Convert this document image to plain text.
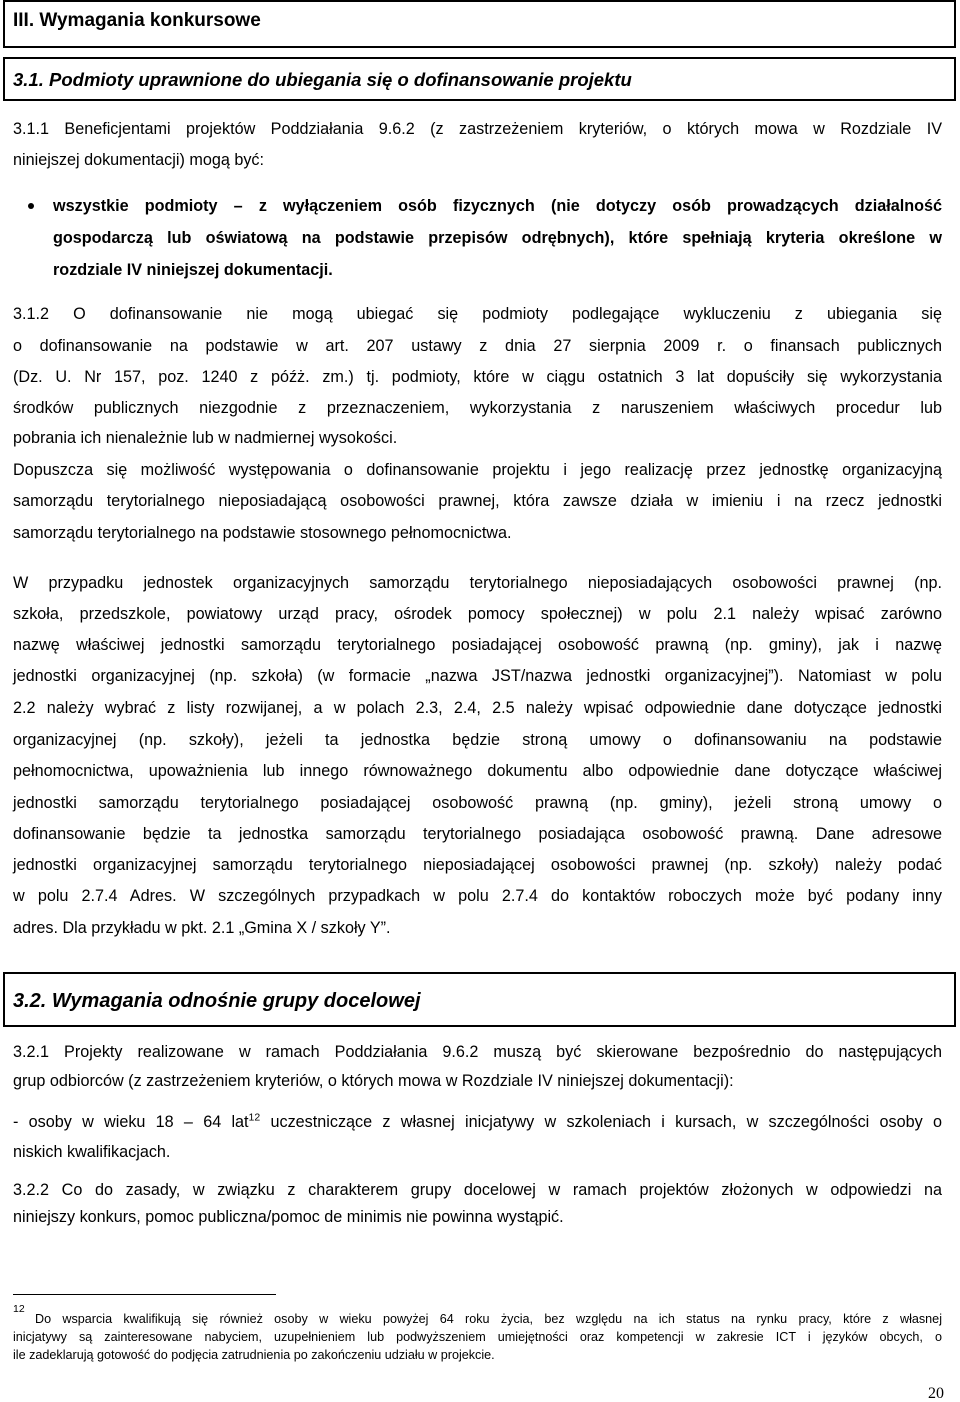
III. Wymagania konkursowe
3.1. Podmioty uprawnione do ubiegania się o dofinansowanie projektu
3.1.1 Beneficjentami projektów Poddziałania 9.6.2 (z zastrzeżeniem kryteriów, o których mowa w Rozdziale IV
niniejszej dokumentacji) mogą być:
wszystkie podmioty – z wyłączeniem osób fizycznych (nie dotyczy osób prowadzących działalność
gospodarczą lub oświatową na podstawie przepisów odrębnych), które spełniają kryteria określone w
rozdziale IV niniejszej dokumentacji.
3.1.2 O dofinansowanie nie mogą ubiegać się podmioty podlegające wykluczeniu z ubiegania się
o dofinansowanie na podstawie w art. 207 ustawy z dnia 27 sierpnia 2009 r. o finansach publicznych
(Dz. U. Nr 157, poz. 1240 z późż. zm.) tj. podmioty, które w ciągu ostatnich 3 lat dopuściły się wykorzystania
środków publicznych niezgodnie z przeznaczeniem, wykorzystania z naruszeniem właściwych procedur lub
pobrania ich nienależnie lub w nadmiernej wysokości.
Dopuszcza się możliwość występowania o dofinansowanie projektu i jego realizację przez jednostkę organizacyjną
samorządu terytorialnego nieposiadającą osobowości prawnej, która zawsze działa w imieniu i na rzecz jednostki
samorządu terytorialnego na podstawie stosownego pełnomocnictwa.
W przypadku jednostek organizacyjnych samorządu terytorialnego nieposiadających osobowości prawnej (np.
szkoła, przedszkole, powiatowy urząd pracy, ośrodek pomocy społecznej) w polu 2.1 należy wpisać zarówno
nazwę właściwej jednostki samorządu terytorialnego posiadającej osobowość prawną (np. gminy), jak i nazwę
jednostki organizacyjnej (np. szkoła) (w formacie „nazwa JST/nazwa jednostki organizacyjnej”). Natomiast w polu
2.2 należy wybrać z listy rozwijanej, a w polach 2.3, 2.4, 2.5 należy wpisać odpowiednie dane dotyczące jednostki
organizacyjnej (np. szkoły), jeżeli ta jednostka będzie stroną umowy o dofinansowaniu na podstawie
pełnomocnictwa, upoważnienia lub innego równoważnego dokumentu albo odpowiednie dane dotyczące właściwej
jednostki samorządu terytorialnego posiadającej osobowość prawną (np. gminy), jeżeli stroną umowy o
dofinansowanie będzie ta jednostka samorządu terytorialnego posiadająca osobowość prawną. Dane adresowe
jednostki organizacyjnej samorządu terytorialnego nieposiadającej osobowości prawnej (np. szkoły) należy podać
w polu 2.7.4 Adres. W szczególnych przypadkach w polu 2.7.4 do kontaktów roboczych może być podany inny
adres. Dla przykładu w pkt. 2.1 „Gmina X / szkoły Y”.
3.2. Wymagania odnośnie grupy docelowej
3.2.1 Projekty realizowane w ramach Poddziałania 9.6.2 muszą być skierowane bezpośrednio do następujących
grup odbiorców (z zastrzeżeniem kryteriów, o których mowa w Rozdziale IV niniejszej dokumentacji):
- osoby w wieku 18 – 64 lat$^{12}$ uczestniczące z własnej inicjatywy w szkoleniach i kursach, w szczególności osoby o
niskich kwalifikacjach.
3.2.2 Co do zasady, w związku z charakterem grupy docelowej w ramach projektów złożonych w odpowiedzi na
niniejszy konkurs, pomoc publiczna/pomoc de minimis nie powinna wystąpić.
12
Do wsparcia kwalifikują się również osoby w wieku powyżej 64 roku życia, bez względu na ich status na rynku pracy, które z własnej
inicjatywy są zainteresowane nabyciem, uzupełnieniem lub podwyższeniem umiejętności oraz kompetencji w zakresie ICT i języków obcych, o
ile zadeklarują gotowość do podjęcia zatrudnienia po zakończeniu udziału w projekcie.
20
